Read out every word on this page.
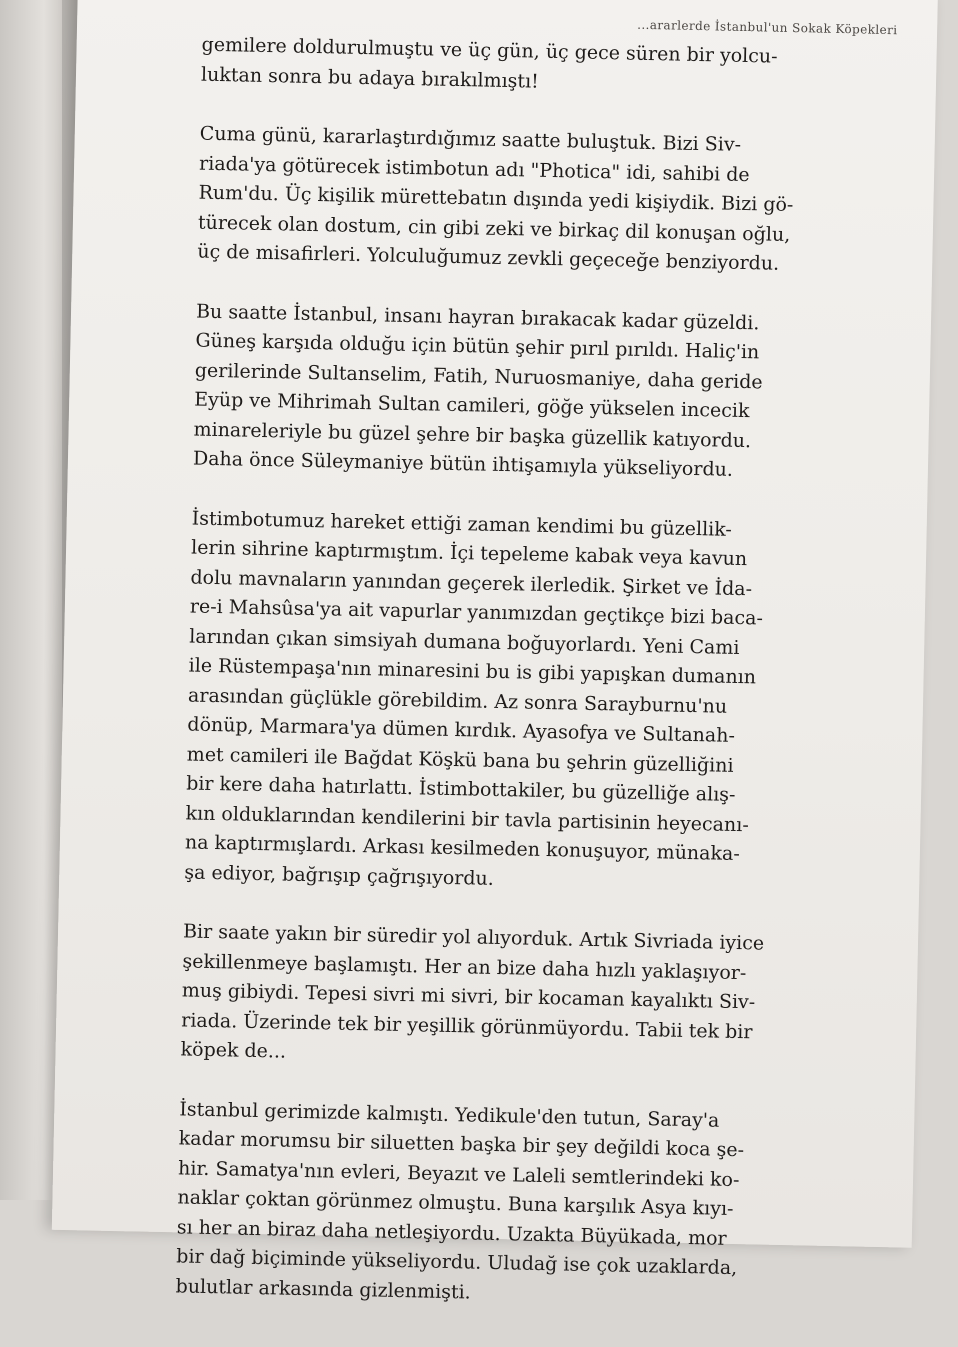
...ararlerde İstanbul'un Sokak Köpekleri

gemilere doldurulmuştu ve üç gün, üç gece süren bir yolcu-
luktan sonra bu adaya bırakılmıştı!

Cuma günü, kararlaştırdığımız saatte buluştuk. Bizi Siv-
riada'ya götürecek istimbotun adı "Photica" idi, sahibi de
Rum'du. Üç kişilik mürettebatın dışında yedi kişiydik. Bizi gö-
türecek olan dostum, cin gibi zeki ve birkaç dil konuşan oğlu,
üç de misafirleri. Yolculuğumuz zevkli geçeceğe benziyordu.

Bu saatte İstanbul, insanı hayran bırakacak kadar güzeldi.
Güneş karşıda olduğu için bütün şehir pırıl pırıldı. Haliç'in
gerilerinde Sultanselim, Fatih, Nuruosmaniye, daha geride
Eyüp ve Mihrimah Sultan camileri, göğe yükselen incecik
minareleriyle bu güzel şehre bir başka güzellik katıyordu.
Daha önce Süleymaniye bütün ihtişamıyla yükseliyordu.

İstimbotumuz hareket ettiği zaman kendimi bu güzellik-
lerin sihrine kaptırmıştım. İçi tepeleme kabak veya kavun
dolu mavnaların yanından geçerek ilerledik. Şirket ve İda-
re-i Mahsûsa'ya ait vapurlar yanımızdan geçtikçe bizi baca-
larından çıkan simsiyah dumana boğuyorlardı. Yeni Cami
ile Rüstempaşa'nın minaresini bu is gibi yapışkan dumanın
arasından güçlükle görebildim. Az sonra Sarayburnu'nu
dönüp, Marmara'ya dümen kırdık. Ayasofya ve Sultanah-
met camileri ile Bağdat Köşkü bana bu şehrin güzelliğini
bir kere daha hatırlattı. İstimbottakiler, bu güzelliğe alış-
kın olduklarından kendilerini bir tavla partisinin heyecanı-
na kaptırmışlardı. Arkası kesilmeden konuşuyor, münaka-
şa ediyor, bağrışıp çağrışıyordu.

Bir saate yakın bir süredir yol alıyorduk. Artık Sivriada iyice
şekillenmeye başlamıştı. Her an bize daha hızlı yaklaşıyor-
muş gibiydi. Tepesi sivri mi sivri, bir kocaman kayalıktı Siv-
riada. Üzerinde tek bir yeşillik görünmüyordu. Tabii tek bir
köpek de...

İstanbul gerimizde kalmıştı. Yedikule'den tutun, Saray'a
kadar morumsu bir siluetten başka bir şey değildi koca şe-
hir. Samatya'nın evleri, Beyazıt ve Laleli semtlerindeki ko-
naklar çoktan görünmez olmuştu. Buna karşılık Asya kıyı-
sı her an biraz daha netleşiyordu. Uzakta Büyükada, mor
bir dağ biçiminde yükseliyordu. Uludağ ise çok uzaklarda,
bulutlar arkasında gizlenmişti.
